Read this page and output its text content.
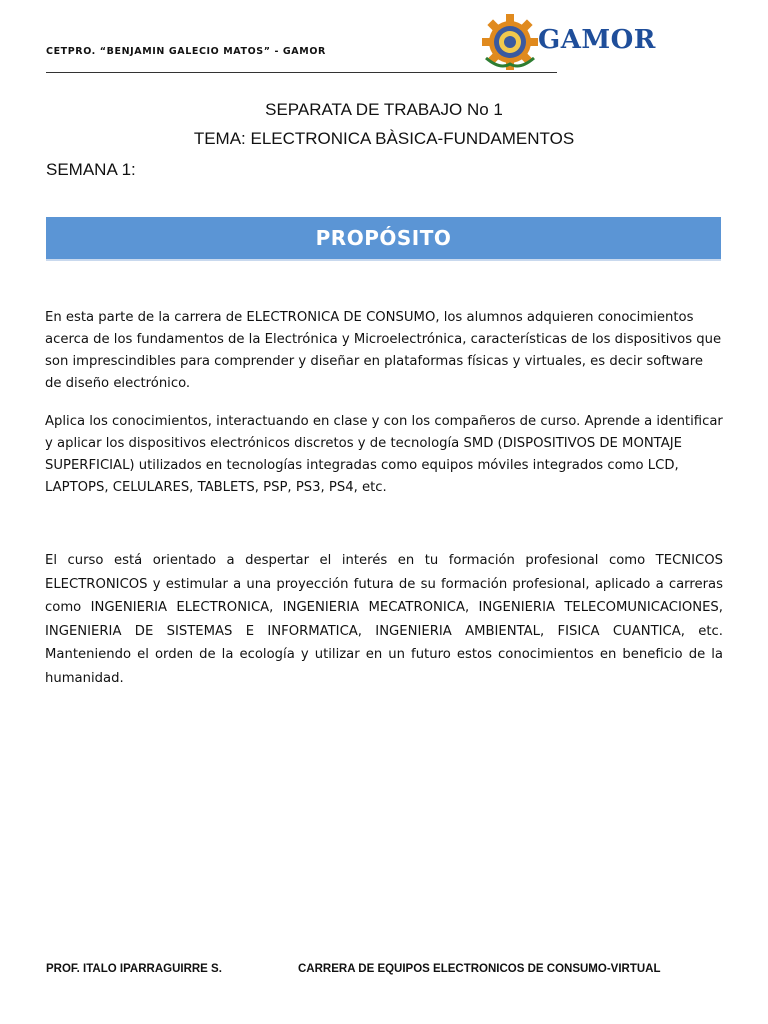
CETPRO. “BENJAMIN GALECIO MATOS” - GAMOR	GAMOR
SEPARATA DE TRABAJO No 1
TEMA: ELECTRONICA BÀSICA-FUNDAMENTOS
SEMANA 1:
PROPÓSITO
En esta parte de la carrera de ELECTRONICA DE CONSUMO, los alumnos adquieren conocimientos acerca de los fundamentos de la Electrónica y Microelectrónica, características de los dispositivos que son imprescindibles para comprender y diseñar en plataformas físicas y virtuales, es decir software de diseño electrónico.
Aplica los conocimientos, interactuando en clase y con los compañeros de curso. Aprende a identificar y aplicar los dispositivos electrónicos discretos y de tecnología SMD (DISPOSITIVOS DE MONTAJE SUPERFICIAL) utilizados en tecnologías integradas como equipos móviles integrados como LCD, LAPTOPS, CELULARES, TABLETS, PSP, PS3, PS4, etc.
El curso está orientado a despertar el interés en tu formación profesional como TECNICOS ELECTRONICOS y estimular a una proyección futura de su formación profesional, aplicado a carreras como INGENIERIA ELECTRONICA, INGENIERIA MECATRONICA, INGENIERIA TELECOMUNICACIONES, INGENIERIA DE SISTEMAS E INFORMATICA, INGENIERIA AMBIENTAL, FISICA CUANTICA, etc. Manteniendo el orden de la ecología y utilizar en un futuro estos conocimientos en beneficio de la humanidad.
PROF. ITALO IPARRAGUIRRE S.	CARRERA DE EQUIPOS ELECTRONICOS DE CONSUMO-VIRTUAL
